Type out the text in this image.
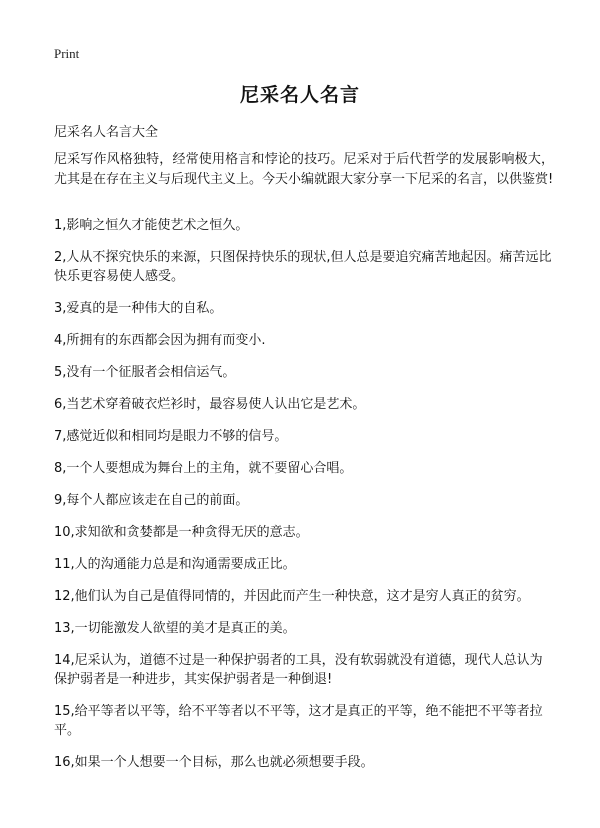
Print
尼采名人名言

尼采名人名言大全

尼采写作风格独特，经常使用格言和悖论的技巧。尼采对于后代哲学的发展影响极大，尤其是在存在主义与后现代主义上。今天小编就跟大家分享一下尼采的名言，以供鉴赏!

1,影响之恒久才能使艺术之恒久。
2,人从不探究快乐的来源，只图保持快乐的现状,但人总是要追究痛苦地起因。痛苦远比快乐更容易使人感受。
3,爱真的是一种伟大的自私。
4,所拥有的东西都会因为拥有而变小.
5,没有一个征服者会相信运气。
6,当艺术穿着破衣烂衫时，最容易使人认出它是艺术。
7,感觉近似和相同均是眼力不够的信号。
8,一个人要想成为舞台上的主角，就不要留心合唱。
9,每个人都应该走在自己的前面。
10,求知欲和贪婪都是一种贪得无厌的意志。
11,人的沟通能力总是和沟通需要成正比。
12,他们认为自己是值得同情的，并因此而产生一种快意，这才是穷人真正的贫穷。
13,一切能激发人欲望的美才是真正的美。
14,尼采认为，道德不过是一种保护弱者的工具，没有软弱就没有道德，现代人总认为保护弱者是一种进步，其实保护弱者是一种倒退!
15,给平等者以平等，给不平等者以不平等，这才是真正的平等，绝不能把不平等者拉平。
16,如果一个人想要一个目标，那么也就必须想要手段。
